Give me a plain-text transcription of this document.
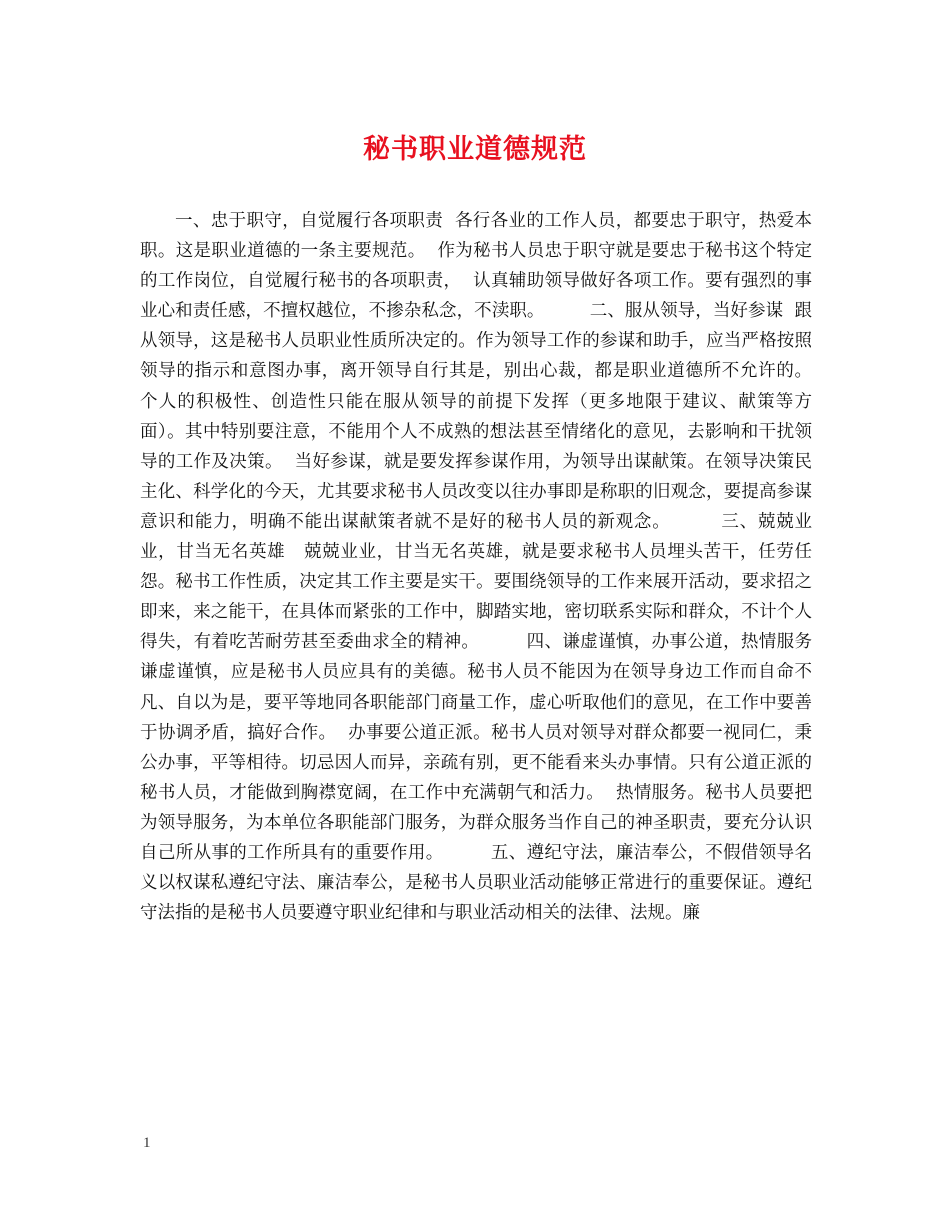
秘书职业道德规范

一、忠于职守，自觉履行各项职责  各行各业的工作人员，都要忠于职守，热爱本职。这是职业道德的一条主要规范。  作为秘书人员忠于职守就是要忠于秘书这个特定的工作岗位，自觉履行秘书的各项职责，  认真辅助领导做好各项工作。要有强烈的事业心和责任感，不擅权越位，不掺杂私念，不渎职。        二、服从领导，当好参谋  跟从领导，这是秘书人员职业性质所决定的。作为领导工作的参谋和助手，应当严格按照领导的指示和意图办事，离开领导自行其是，别出心裁，都是职业道德所不允许的。  个人的积极性、创造性只能在服从领导的前提下发挥（更多地限于建议、献策等方面）。其中特别要注意，不能用个人不成熟的想法甚至情绪化的意见，去影响和干扰领导的工作及决策。  当好参谋，就是要发挥参谋作用，为领导出谋献策。在领导决策民主化、科学化的今天，尤其要求秘书人员改变以往办事即是称职的旧观念，要提高参谋意识和能力，明确不能出谋献策者就不是好的秘书人员的新观念。        三、兢兢业业，甘当无名英雄   兢兢业业，甘当无名英雄，就是要求秘书人员埋头苦干，任劳任怨。秘书工作性质，决定其工作主要是实干。要围绕领导的工作来展开活动，要求招之即来，来之能干，在具体而紧张的工作中，脚踏实地，密切联系实际和群众，不计个人得失，有着吃苦耐劳甚至委曲求全的精神。        四、谦虚谨慎，办事公道，热情服务  谦虚谨慎，应是秘书人员应具有的美德。秘书人员不能因为在领导身边工作而自命不凡、自以为是，要平等地同各职能部门商量工作，虚心听取他们的意见，在工作中要善于协调矛盾，搞好合作。  办事要公道正派。秘书人员对领导对群众都要一视同仁，秉公办事，平等相待。切忌因人而异，亲疏有别，更不能看来头办事情。只有公道正派的秘书人员，才能做到胸襟宽阔，在工作中充满朝气和活力。  热情服务。秘书人员要把为领导服务，为本单位各职能部门服务，为群众服务当作自己的神圣职责，要充分认识自己所从事的工作所具有的重要作用。        五、遵纪守法，廉洁奉公，不假借领导名义以权谋私遵纪守法、廉洁奉公，是秘书人员职业活动能够正常进行的重要保证。遵纪守法指的是秘书人员要遵守职业纪律和与职业活动相关的法律、法规。廉

1
